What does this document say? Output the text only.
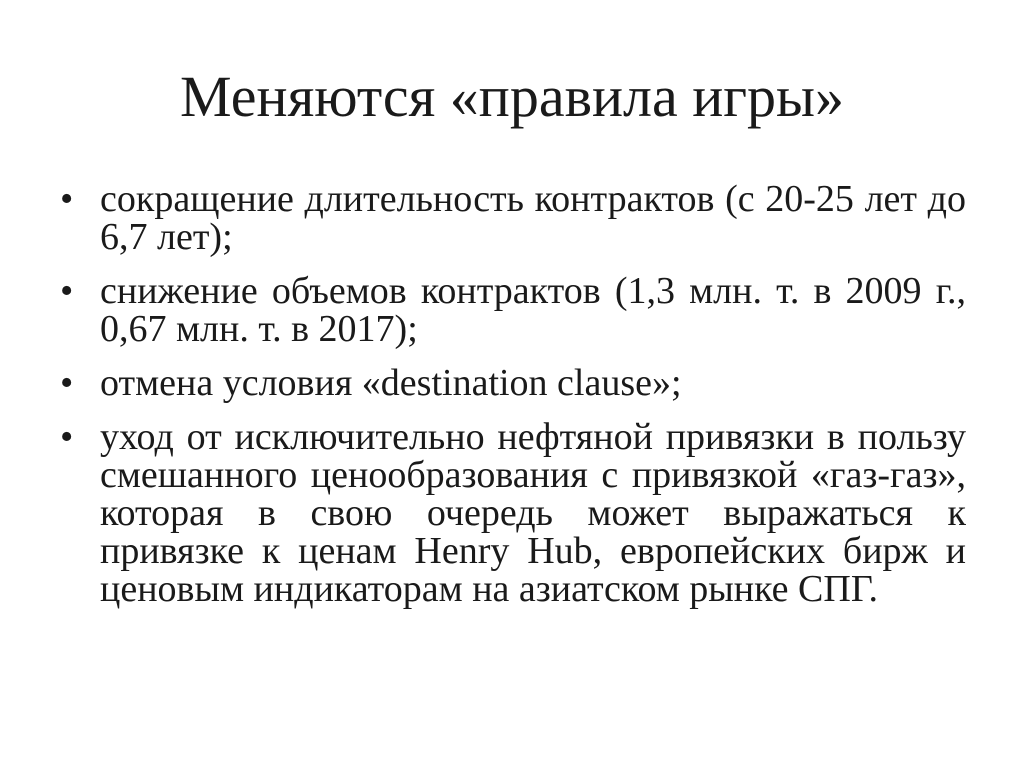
Меняются «правила игры»
• сокращение длительность контрактов (с 20-25 лет до 6,7 лет);
• снижение объемов контрактов (1,3 млн. т. в 2009 г., 0,67 млн. т. в 2017);
• отмена условия «destination clause»;
• уход от исключительно нефтяной привязки в пользу смешанного ценообразования с привязкой «газ-газ», которая в свою очередь может выражаться к привязке к ценам Henry Hub, европейских бирж и ценовым индикаторам на азиатском рынке СПГ.
